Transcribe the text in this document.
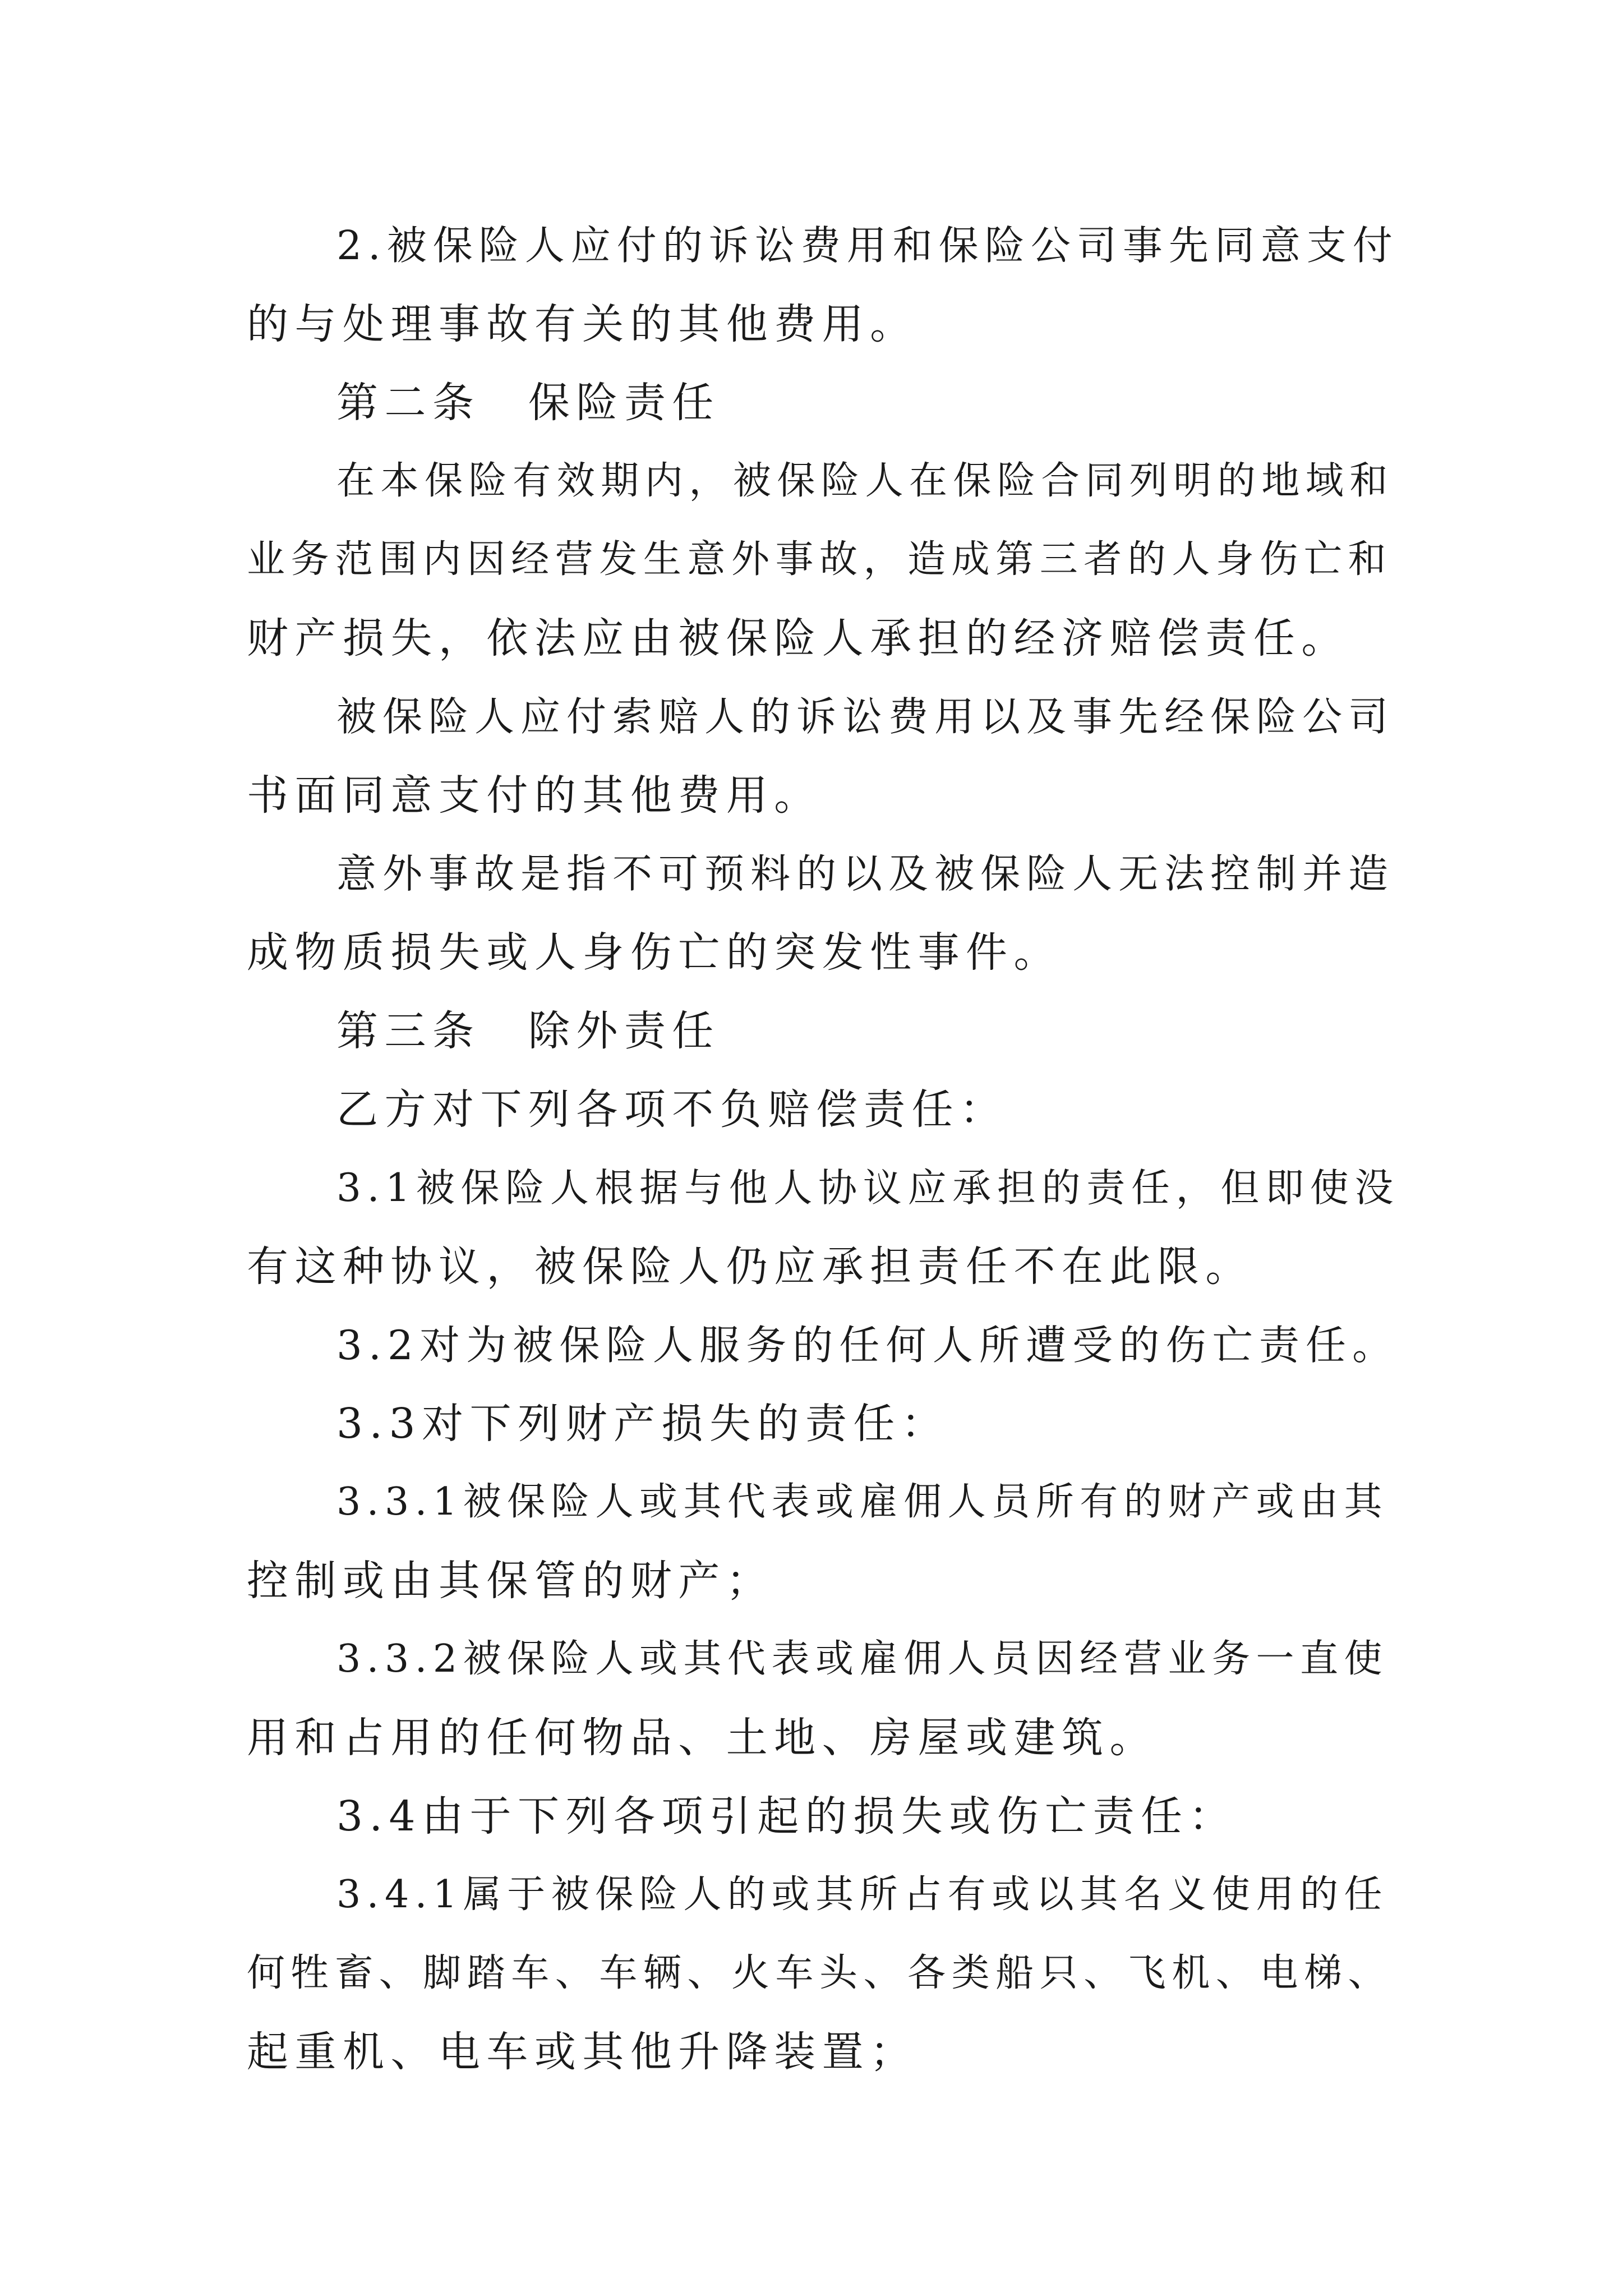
2.被保险人应付的诉讼费用和保险公司事先同意支付

的与处理事故有关的其他费用。

第二条　保险责任

在本保险有效期内，被保险人在保险合同列明的地域和

业务范围内因经营发生意外事故，造成第三者的人身伤亡和

财产损失，依法应由被保险人承担的经济赔偿责任。

被保险人应付索赔人的诉讼费用以及事先经保险公司

书面同意支付的其他费用。

意外事故是指不可预料的以及被保险人无法控制并造

成物质损失或人身伤亡的突发性事件。

第三条　除外责任

乙方对下列各项不负赔偿责任：

3.1被保险人根据与他人协议应承担的责任，但即使没

有这种协议，被保险人仍应承担责任不在此限。

3.2对为被保险人服务的任何人所遭受的伤亡责任。

3.3对下列财产损失的责任：

3.3.1被保险人或其代表或雇佣人员所有的财产或由其

控制或由其保管的财产；

3.3.2被保险人或其代表或雇佣人员因经营业务一直使

用和占用的任何物品、土地、房屋或建筑。

3.4由于下列各项引起的损失或伤亡责任：

3.4.1属于被保险人的或其所占有或以其名义使用的任

何牲畜、脚踏车、车辆、火车头、各类船只、飞机、电梯、

起重机、电车或其他升降装置；
